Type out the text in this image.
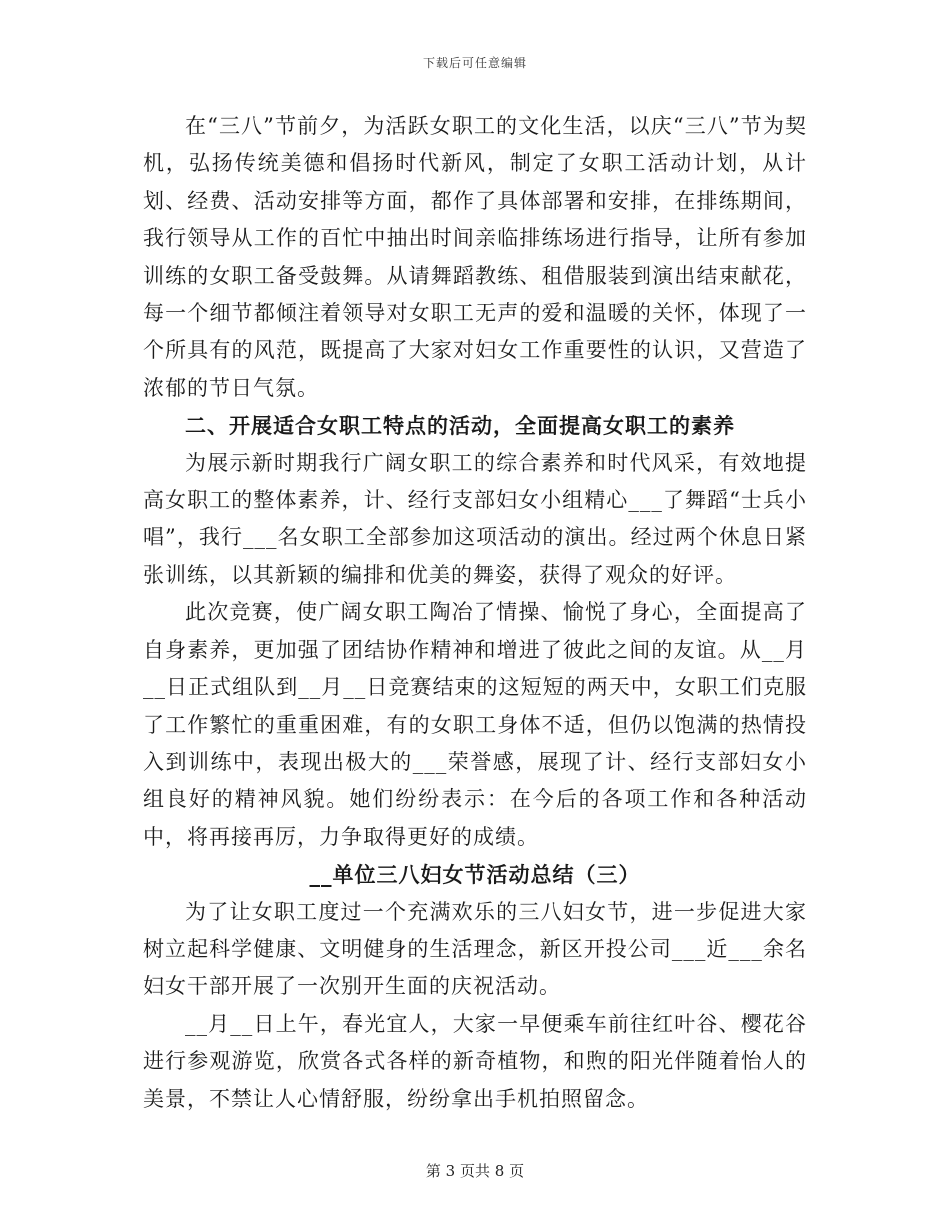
下载后可任意编辑

在“三八”节前夕，为活跃女职工的文化生活，以庆“三八”节为契机，弘扬传统美德和倡扬时代新风，制定了女职工活动计划，从计划、经费、活动安排等方面，都作了具体部署和安排，在排练期间，我行领导从工作的百忙中抽出时间亲临排练场进行指导，让所有参加训练的女职工备受鼓舞。从请舞蹈教练、租借服装到演出结束献花，每一个细节都倾注着领导对女职工无声的爱和温暖的关怀，体现了一个所具有的风范，既提高了大家对妇女工作重要性的认识，又营造了浓郁的节日气氛。

二、开展适合女职工特点的活动，全面提高女职工的素养

为展示新时期我行广阔女职工的综合素养和时代风采，有效地提高女职工的整体素养，计、经行支部妇女小组精心___了舞蹈“士兵小唱”，我行___名女职工全部参加这项活动的演出。经过两个休息日紧张训练，以其新颖的编排和优美的舞姿，获得了观众的好评。

此次竞赛，使广阔女职工陶冶了情操、愉悦了身心，全面提高了自身素养，更加强了团结协作精神和增进了彼此之间的友谊。从__月__日正式组队到__月__日竞赛结束的这短短的两天中，女职工们克服了工作繁忙的重重困难，有的女职工身体不适，但仍以饱满的热情投入到训练中，表现出极大的___荣誉感，展现了计、经行支部妇女小组良好的精神风貌。她们纷纷表示：在今后的各项工作和各种活动中，将再接再厉，力争取得更好的成绩。

__单位三八妇女节活动总结（三）

为了让女职工度过一个充满欢乐的三八妇女节，进一步促进大家树立起科学健康、文明健身的生活理念，新区开投公司___近___余名妇女干部开展了一次别开生面的庆祝活动。

__月__日上午，春光宜人，大家一早便乘车前往红叶谷、樱花谷进行参观游览，欣赏各式各样的新奇植物，和煦的阳光伴随着怡人的美景，不禁让人心情舒服，纷纷拿出手机拍照留念。

第 3 页共 8 页
